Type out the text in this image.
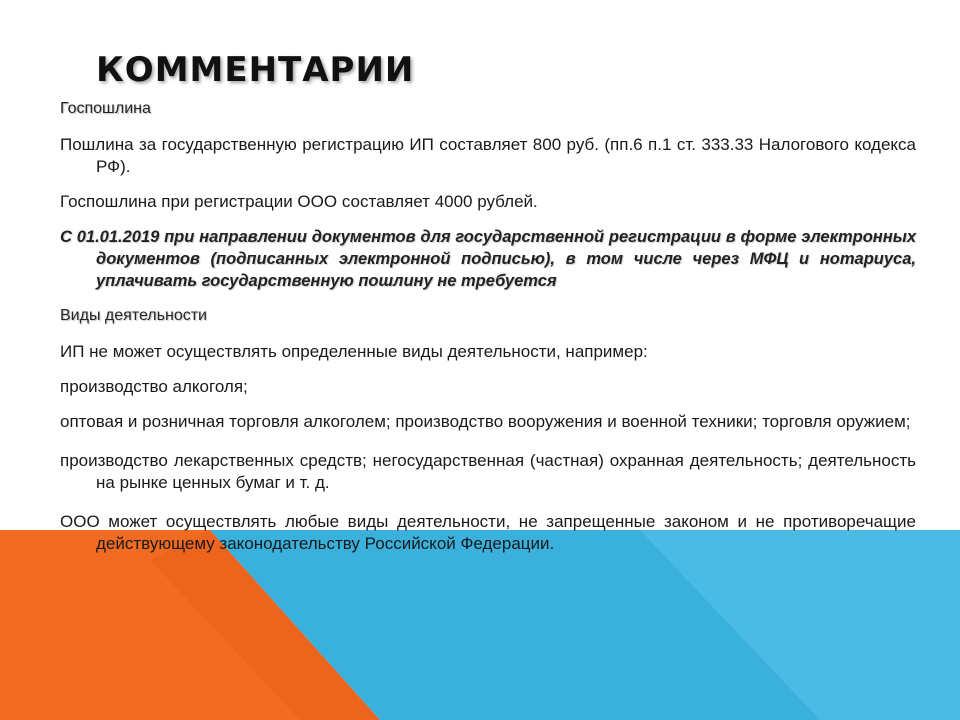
КОММЕНТАРИИ

Госпошлина

Пошлина за государственную регистрацию ИП составляет 800 руб. (пп.6 п.1 ст. 333.33 Налогового кодекса РФ).

Госпошлина при регистрации ООО составляет 4000 рублей.

С 01.01.2019 при направлении документов для государственной регистрации в форме электронных документов (подписанных электронной подписью), в том числе через МФЦ и нотариуса, уплачивать государственную пошлину не требуется

Виды деятельности

ИП не может осуществлять определенные виды деятельности, например:

производство алкоголя;

оптовая и розничная торговля алкоголем; производство вооружения и военной техники; торговля оружием;

производство лекарственных средств; негосударственная (частная) охранная деятельность; деятельность на рынке ценных бумаг и т. д.

ООО может осуществлять любые виды деятельности, не запрещенные законом и не противоречащие действующему законодательству Российской Федерации.
